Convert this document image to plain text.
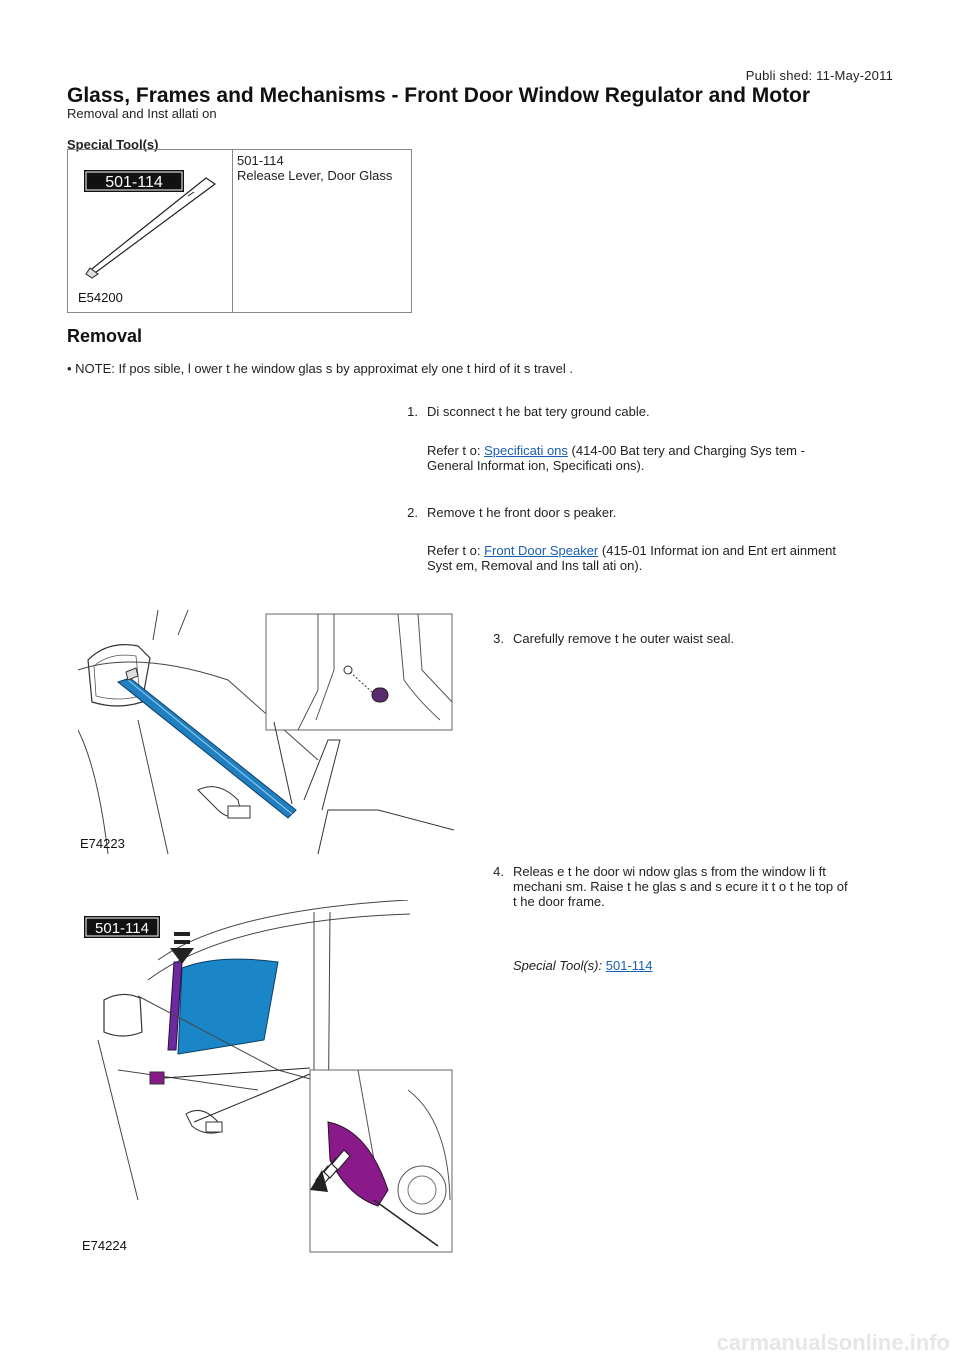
Publi shed: 11-May-2011
Glass, Frames and Mechanisms - Front Door Window Regulator and Motor
Removal and Inst allati on
Special Tool(s)
501-114
E54200
501-114
Release Lever, Door Glass
Removal
• NOTE: If pos sible, l ower t he window glas s by approximat ely one t hird of it s travel .
1. Di sconnect t he bat tery ground cable.
Refer t o: Specificati ons (414-00 Bat tery and Charging Sys tem -
General Informat ion, Specificati ons).
2. Remove t he front door s peaker.
Refer t o: Front Door Speaker (415-01 Informat ion and Ent ert ainment
Syst em, Removal and Ins tall ati on).
3. Carefully remove t he outer waist seal.
E74223
4. Releas e t he door wi ndow glas s from the window li ft
mechani sm. Raise t he glas s and s ecure it t o t he top of
t he door frame.
Special Tool(s): 501-114
501-114
E74224
carmanualsonline.info
